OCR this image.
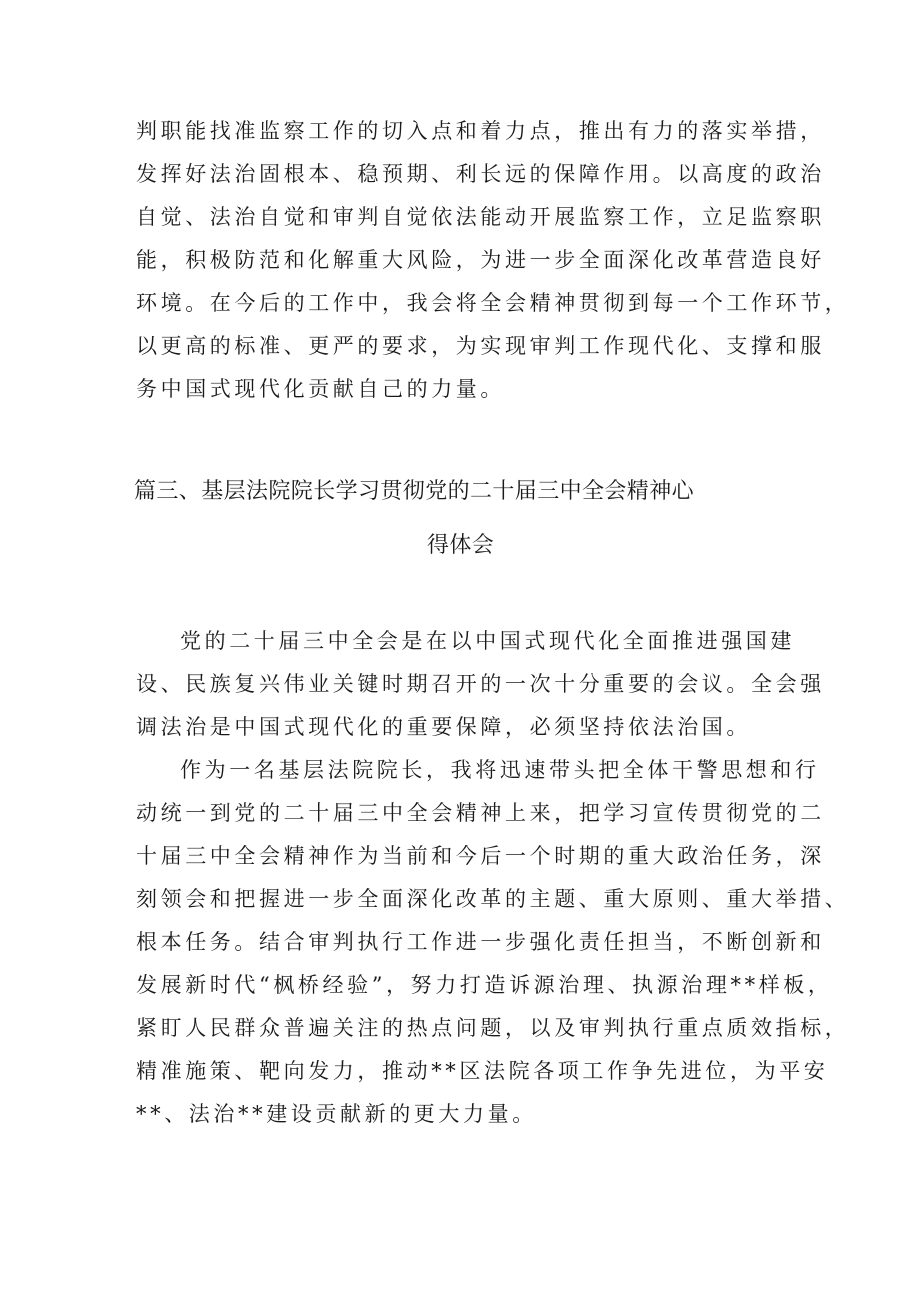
判职能找准监察工作的切入点和着力点，推出有力的落实举措，
发挥好法治固根本、稳预期、利长远的保障作用。以高度的政治
自觉、法治自觉和审判自觉依法能动开展监察工作，立足监察职
能，积极防范和化解重大风险，为进一步全面深化改革营造良好
环境。在今后的工作中，我会将全会精神贯彻到每一个工作环节，
以更高的标准、更严的要求，为实现审判工作现代化、支撑和服
务中国式现代化贡献自己的力量。
篇三、基层法院院长学习贯彻党的二十届三中全会精神心
得体会
党的二十届三中全会是在以中国式现代化全面推进强国建
设、民族复兴伟业关键时期召开的一次十分重要的会议。全会强
调法治是中国式现代化的重要保障，必须坚持依法治国。
作为一名基层法院院长，我将迅速带头把全体干警思想和行
动统一到党的二十届三中全会精神上来，把学习宣传贯彻党的二
十届三中全会精神作为当前和今后一个时期的重大政治任务，深
刻领会和把握进一步全面深化改革的主题、重大原则、重大举措、
根本任务。结合审判执行工作进一步强化责任担当，不断创新和
发展新时代“枫桥经验”，努力打造诉源治理、执源治理**样板，
紧盯人民群众普遍关注的热点问题，以及审判执行重点质效指标，
精准施策、靶向发力，推动**区法院各项工作争先进位，为平安
**、法治**建设贡献新的更大力量。
